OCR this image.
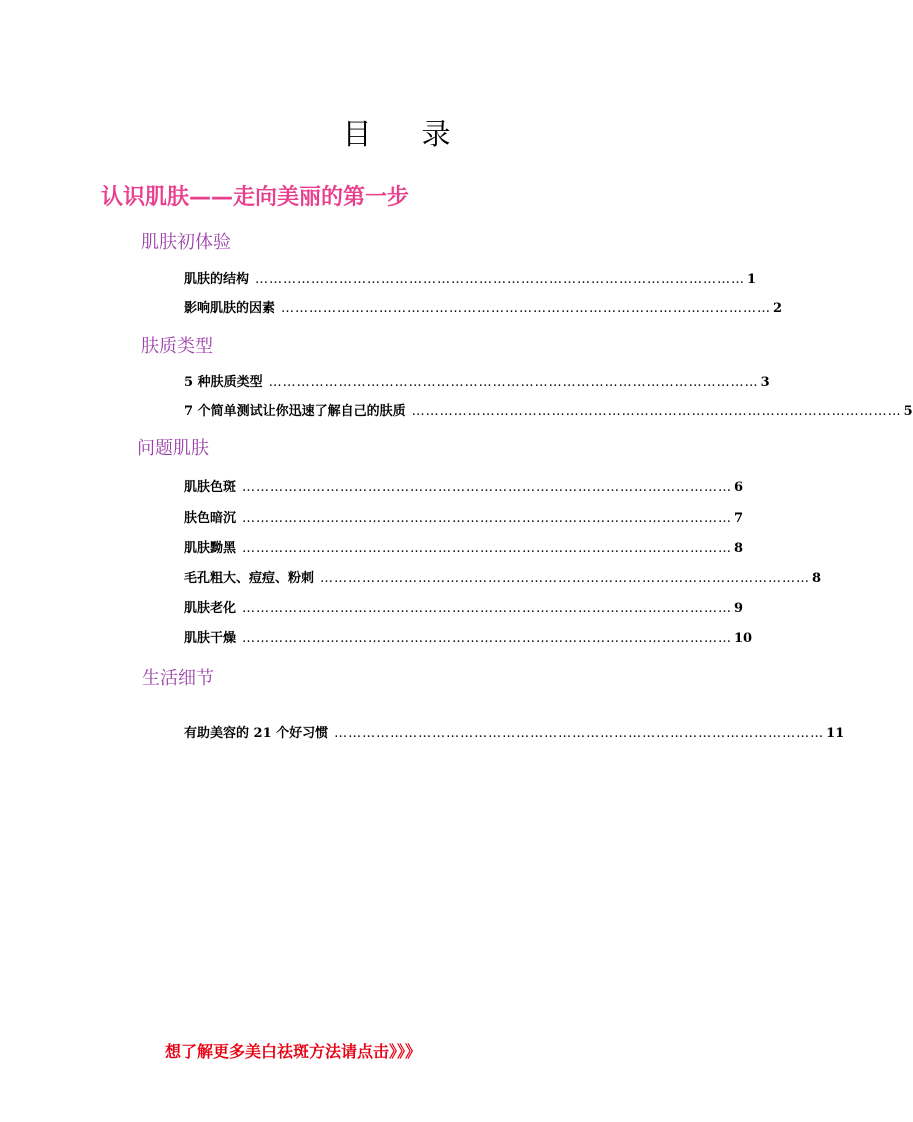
目录
认识肌肤——走向美丽的第一步
肌肤初体验
肌肤的结构 …………………………………………………………………………………………… 1
影响肌肤的因素 …………………………………………………………………………………………… 2
肤质类型
5 种肤质类型 …………………………………………………………………………………………… 3
7 个简单测试让你迅速了解自己的肤质 …………………………………………………………………………………………… 5
问题肌肤
肌肤色斑 …………………………………………………………………………………………… 6
肤色暗沉 …………………………………………………………………………………………… 7
肌肤黝黑 …………………………………………………………………………………………… 8
毛孔粗大、痘痘、粉刺 …………………………………………………………………………………………… 8
肌肤老化 …………………………………………………………………………………………… 9
肌肤干燥 …………………………………………………………………………………………… 10
生活细节
有助美容的 21 个好习惯 …………………………………………………………………………………………… 11
想了解更多美白祛斑方法请点击》》》
